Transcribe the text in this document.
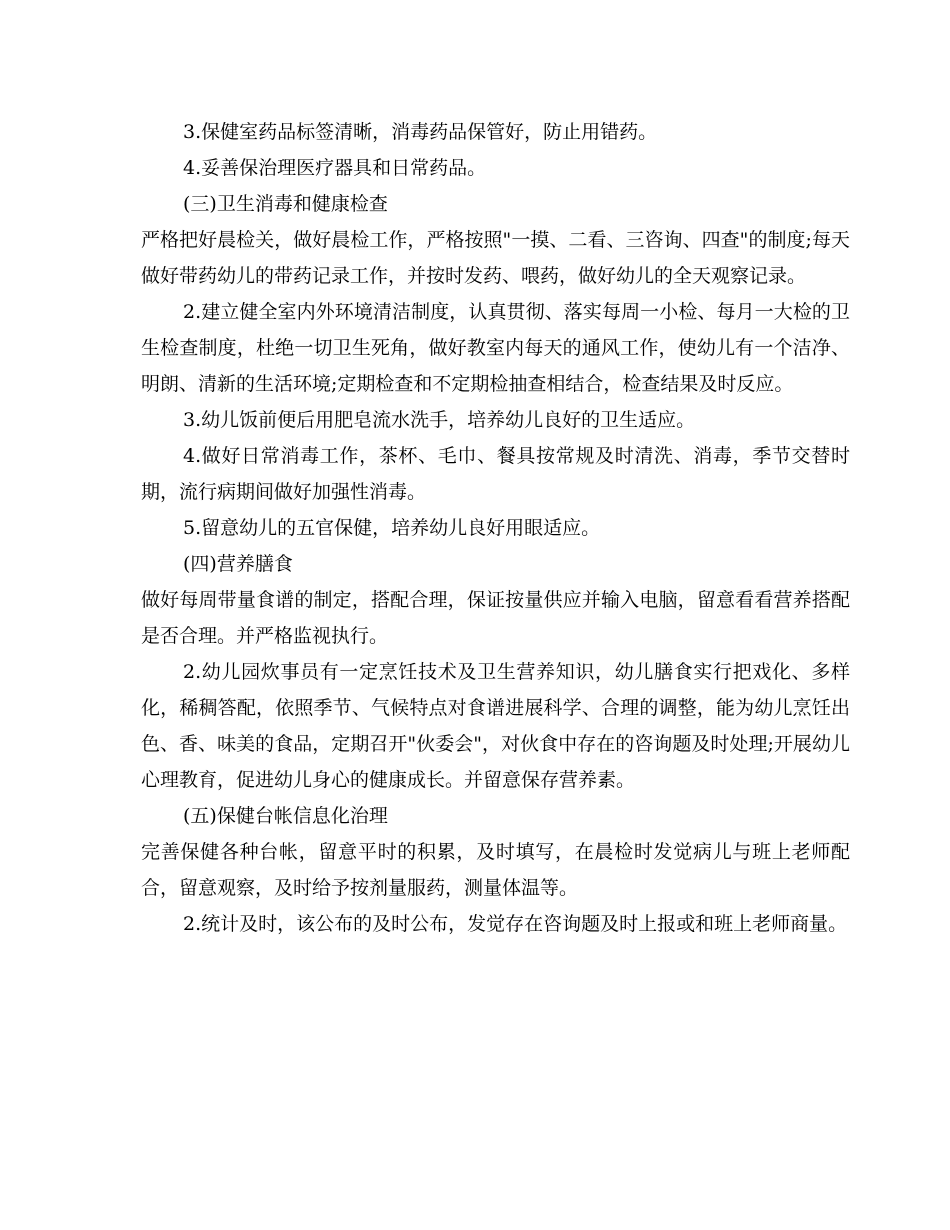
3.保健室药品标签清晰，消毒药品保管好，防止用错药。

4.妥善保治理医疗器具和日常药品。

(三)卫生消毒和健康检查

严格把好晨检关，做好晨检工作，严格按照"一摸、二看、三咨询、四查"的制度;每天做好带药幼儿的带药记录工作，并按时发药、喂药，做好幼儿的全天观察记录。

2.建立健全室内外环境清洁制度，认真贯彻、落实每周一小检、每月一大检的卫生检查制度，杜绝一切卫生死角，做好教室内每天的通风工作，使幼儿有一个洁净、明朗、清新的生活环境;定期检查和不定期检抽查相结合，检查结果及时反应。

3.幼儿饭前便后用肥皂流水洗手，培养幼儿良好的卫生适应。

4.做好日常消毒工作，茶杯、毛巾、餐具按常规及时清洗、消毒，季节交替时期，流行病期间做好加强性消毒。

5.留意幼儿的五官保健，培养幼儿良好用眼适应。

(四)营养膳食

做好每周带量食谱的制定，搭配合理，保证按量供应并输入电脑，留意看看营养搭配是否合理。并严格监视执行。

2.幼儿园炊事员有一定烹饪技术及卫生营养知识，幼儿膳食实行把戏化、多样化，稀稠答配，依照季节、气候特点对食谱进展科学、合理的调整，能为幼儿烹饪出色、香、味美的食品，定期召开"伙委会"，对伙食中存在的咨询题及时处理;开展幼儿心理教育，促进幼儿身心的健康成长。并留意保存营养素。

(五)保健台帐信息化治理

完善保健各种台帐，留意平时的积累，及时填写，在晨检时发觉病儿与班上老师配合，留意观察，及时给予按剂量服药，测量体温等。

2.统计及时，该公布的及时公布，发觉存在咨询题及时上报或和班上老师商量。
